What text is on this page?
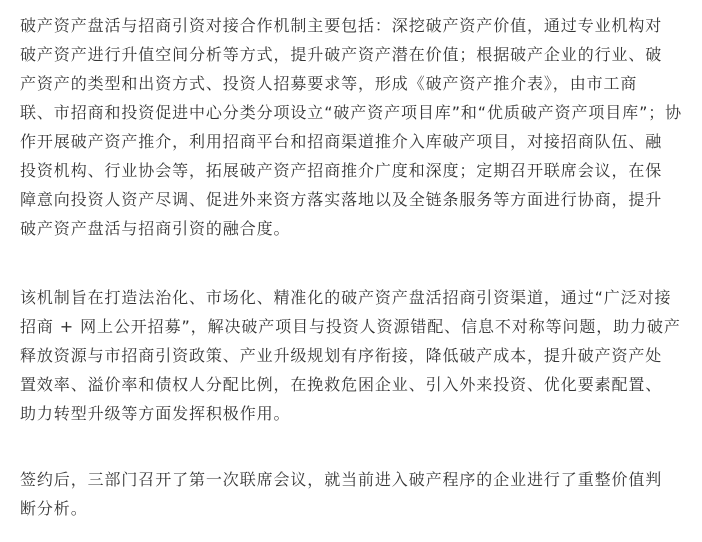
破产资产盘活与招商引资对接合作机制主要包括：深挖破产资产价值，通过专业机构对
破产资产进行升值空间分析等方式，提升破产资产潜在价值；根据破产企业的行业、破
产资产的类型和出资方式、投资人招募要求等，形成《破产资产推介表》，由市工商
联、市招商和投资促进中心分类分项设立“破产资产项目库”和“优质破产资产项目库”；协
作开展破产资产推介，利用招商平台和招商渠道推介入库破产项目，对接招商队伍、融
投资机构、行业协会等，拓展破产资产招商推介广度和深度；定期召开联席会议，在保
障意向投资人资产尽调、促进外来资方落实落地以及全链条服务等方面进行协商，提升
破产资产盘活与招商引资的融合度。

该机制旨在打造法治化、市场化、精准化的破产资产盘活招商引资渠道，通过“广泛对接
招商 + 网上公开招募”，解决破产项目与投资人资源错配、信息不对称等问题，助力破产
释放资源与市招商引资政策、产业升级规划有序衔接，降低破产成本，提升破产资产处
置效率、溢价率和债权人分配比例，在挽救危困企业、引入外来投资、优化要素配置、
助力转型升级等方面发挥积极作用。

签约后，三部门召开了第一次联席会议，就当前进入破产程序的企业进行了重整价值判
断分析。
